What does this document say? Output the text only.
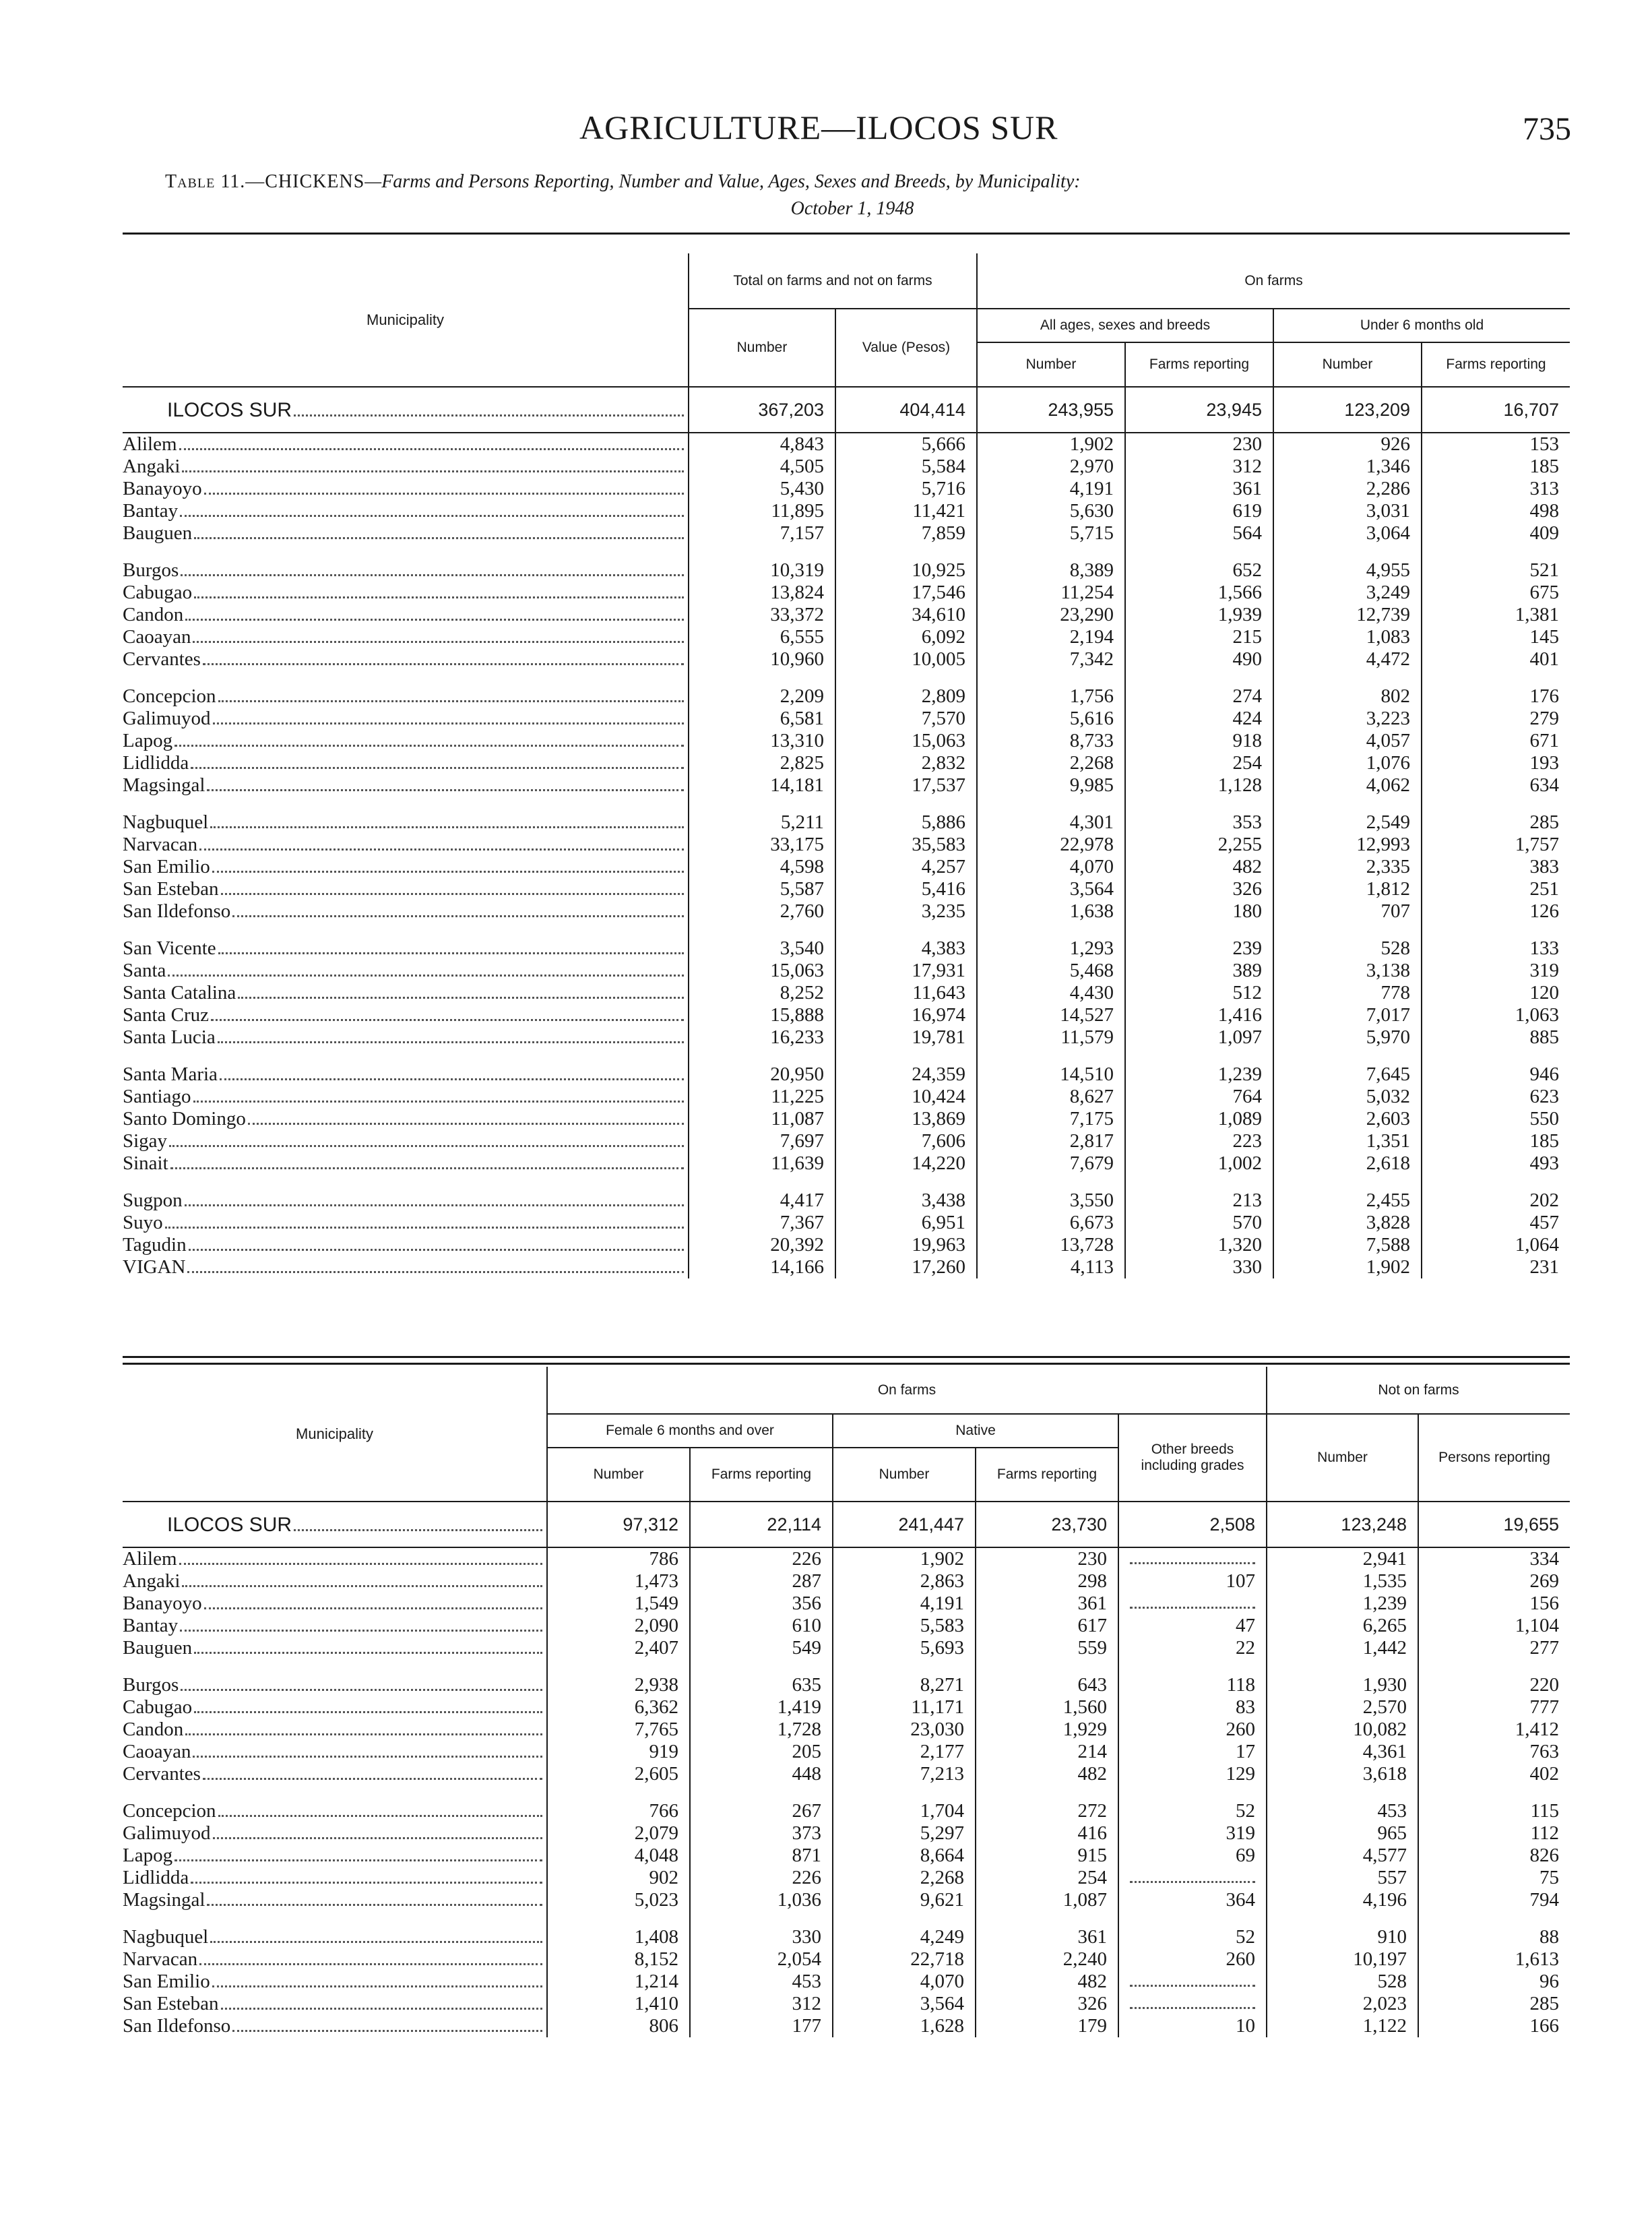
AGRICULTURE—ILOCOS SUR	735
Table 11.—CHICKENS—Farms and Persons Reporting, Number and Value, Ages, Sexes and Breeds, by Municipality:
October 1, 1948
Municipality	Total on farms and not on farms		On farms			
	Number	Value (Pesos)	All ages, sexes and breeds		Under 6 months old	
			Number	Farms reporting	Number	Farms reporting

ILOCOS SUR	367,203	404,414	243,955	23,945	123,209	16,707

Alilem	4,843	5,666	1,902	230	926	153

Angaki	4,505	5,584	2,970	312	1,346	185

Banayoyo	5,430	5,716	4,191	361	2,286	313

Bantay	11,895	11,421	5,630	619	3,031	498

Bauguen	7,157	7,859	5,715	564	3,064	409

Burgos	10,319	10,925	8,389	652	4,955	521

Cabugao	13,824	17,546	11,254	1,566	3,249	675

Candon	33,372	34,610	23,290	1,939	12,739	1,381

Caoayan	6,555	6,092	2,194	215	1,083	145

Cervantes	10,960	10,005	7,342	490	4,472	401

Concepcion	2,209	2,809	1,756	274	802	176

Galimuyod	6,581	7,570	5,616	424	3,223	279

Lapog	13,310	15,063	8,733	918	4,057	671

Lidlidda	2,825	2,832	2,268	254	1,076	193

Magsingal	14,181	17,537	9,985	1,128	4,062	634

Nagbuquel	5,211	5,886	4,301	353	2,549	285

Narvacan	33,175	35,583	22,978	2,255	12,993	1,757

San Emilio	4,598	4,257	4,070	482	2,335	383

San Esteban	5,587	5,416	3,564	326	1,812	251

San Ildefonso	2,760	3,235	1,638	180	707	126

San Vicente	3,540	4,383	1,293	239	528	133

Santa	15,063	17,931	5,468	389	3,138	319

Santa Catalina	8,252	11,643	4,430	512	778	120

Santa Cruz	15,888	16,974	14,527	1,416	7,017	1,063

Santa Lucia	16,233	19,781	11,579	1,097	5,970	885

Santa Maria	20,950	24,359	14,510	1,239	7,645	946

Santiago	11,225	10,424	8,627	764	5,032	623

Santo Domingo	11,087	13,869	7,175	1,089	2,603	550

Sigay	7,697	7,606	2,817	223	1,351	185

Sinait	11,639	14,220	7,679	1,002	2,618	493

Sugpon	4,417	3,438	3,550	213	2,455	202

Suyo	7,367	6,951	6,673	570	3,828	457

Tagudin	20,392	19,963	13,728	1,320	7,588	1,064

VIGAN	14,166	17,260	4,113	330	1,902	231
Municipality	On farms					Not on farms	
	Female 6 months and over		Native		Other breeds including grades	Number	Persons reporting
	Number	Farms reporting	Number	Farms reporting			

ILOCOS SUR	97,312	22,114	241,447	23,730	2,508	123,248	19,655

Alilem	786	226	1,902	230		2,941	334

Angaki	1,473	287	2,863	298	107	1,535	269

Banayoyo	1,549	356	4,191	361		1,239	156

Bantay	2,090	610	5,583	617	47	6,265	1,104

Bauguen	2,407	549	5,693	559	22	1,442	277

Burgos	2,938	635	8,271	643	118	1,930	220

Cabugao	6,362	1,419	11,171	1,560	83	2,570	777

Candon	7,765	1,728	23,030	1,929	260	10,082	1,412

Caoayan	919	205	2,177	214	17	4,361	763

Cervantes	2,605	448	7,213	482	129	3,618	402

Concepcion	766	267	1,704	272	52	453	115

Galimuyod	2,079	373	5,297	416	319	965	112

Lapog	4,048	871	8,664	915	69	4,577	826

Lidlidda	902	226	2,268	254		557	75

Magsingal	5,023	1,036	9,621	1,087	364	4,196	794

Nagbuquel	1,408	330	4,249	361	52	910	88

Narvacan	8,152	2,054	22,718	2,240	260	10,197	1,613

San Emilio	1,214	453	4,070	482		528	96

San Esteban	1,410	312	3,564	326		2,023	285

San Ildefonso	806	177	1,628	179	10	1,122	166
